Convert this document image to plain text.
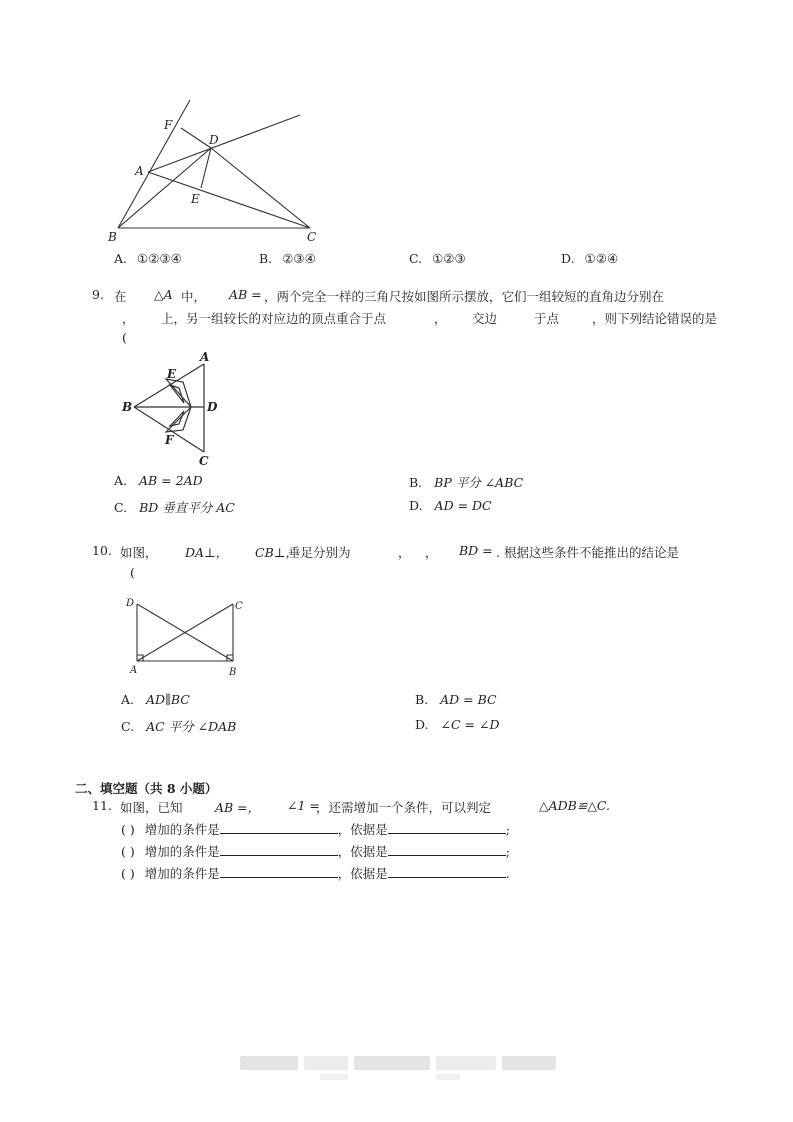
F
D
A
E
B	C
A. ①②③④	B. ②③④	C. ①②③	D. ①②④
9. 在 △A 中， AB = ，两个完全一样的三角尺按如图所示摆放，它们一组较短的直角边分别在
， 上，另一组较长的对应边的顶点重合于点	， 交边	于点	，则下列结论错误的是
(
A
E
B	D
F
C
A. AB = 2AD	B. BP 平分 ∠ABC
C. BD 垂直平分 AC	D. AD = DC
10. 如图， DA⊥， CB⊥，
垂足分别为	， ， BD = . 根据这些条件不能推出的结论是
(
D	C
A	B
A. AD∥BC	B. AD = BC
C. AC 平分 ∠DAB	D. ∠C = ∠D
二、填空题（共 8 小题）
11. 如图，已知	AB =， ∠1 =
，还需增加一个条件，可以判定	△ADB≌△C.
( ) 增加的条件是	，依据是	;
( ) 增加的条件是	，依据是	;
( ) 增加的条件是	，依据是	.
